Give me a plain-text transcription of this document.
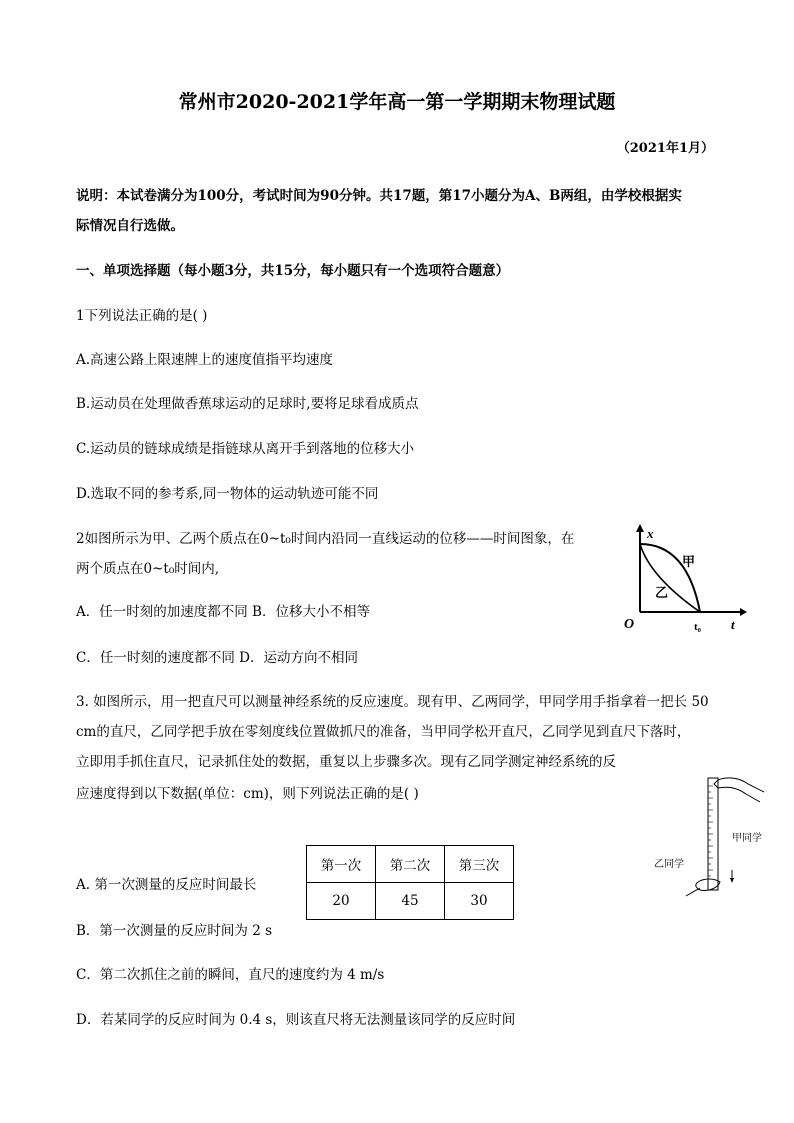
常州市2020-2021学年高一第一学期期末物理试题
（2021年1月）
说明：本试卷满分为100分，考试时间为90分钟。共17题，第17小题分为A、B两组，由学校根据实
际情况自行选做。
一、单项选择题（每小题3分，共15分，每小题只有一个选项符合题意）
1下列说法正确的是( )
A.高速公路上限速牌上的速度值指平均速度
B.运动员在处理做香蕉球运动的足球时,要将足球看成质点
C.运动员的链球成绩是指链球从离开手到落地的位移大小
D.选取不同的参考系,同一物体的运动轨迹可能不同
2如图所示为甲、乙两个质点在0~t₀时间内沿同一直线运动的位移——时间图象，在
两个质点在0~t₀时间内,
A．任一时刻的加速度都不同 B．位移大小不相等
C．任一时刻的速度都不同 D．运动方向不相同
x
t
O	t₀
甲
乙
3. 如图所示，用一把直尺可以测量神经系统的反应速度。现有甲、乙两同学，甲同学用手指拿着一把长 50
cm的直尺，乙同学把手放在零刻度线位置做抓尺的准备，当甲同学松开直尺，乙同学见到直尺下落时，
立即用手抓住直尺，记录抓住处的数据，重复以上步骤多次。现有乙同学测定神经系统的反
应速度得到以下数据(单位：cm)，则下列说法正确的是( )
第一次	第二次	第三次
20	45	30
A. 第一次测量的反应时间最长
B．第一次测量的反应时间为 2 s
C．第二次抓住之前的瞬间，直尺的速度约为 4 m/s
D．若某同学的反应时间为 0.4 s，则该直尺将无法测量该同学的反应时间
甲同学
乙同学
